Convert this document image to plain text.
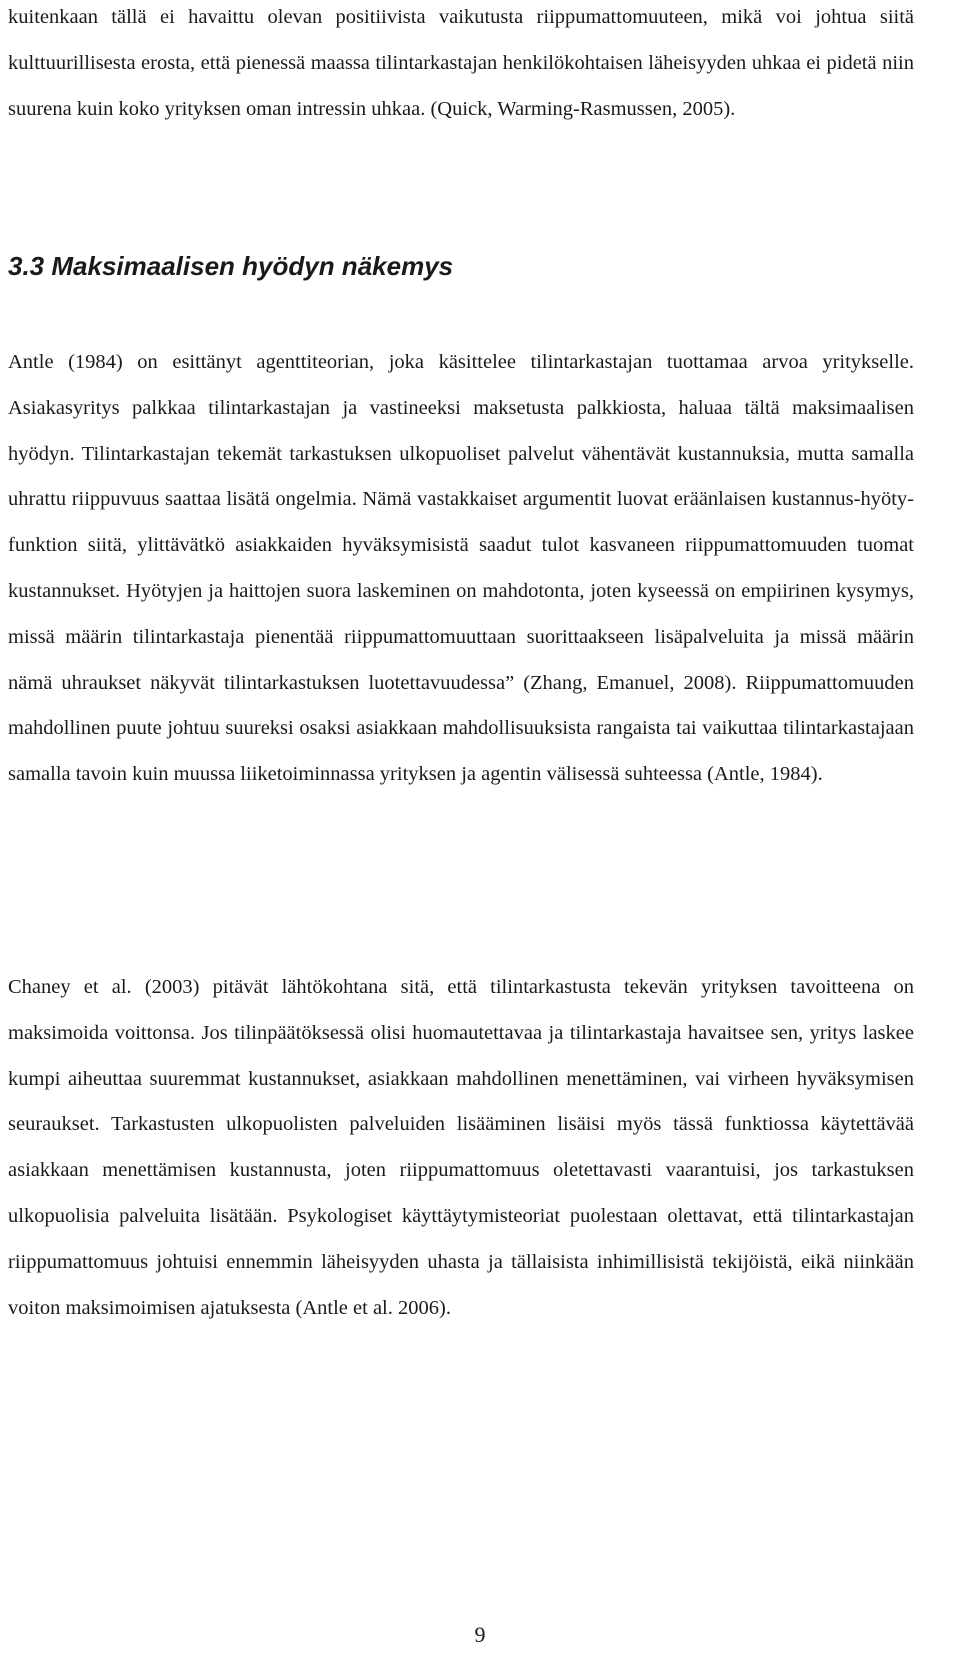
kuitenkaan tällä ei havaittu olevan positiivista vaikutusta riippumattomuuteen, mikä voi johtua siitä kulttuurillisesta erosta, että pienessä maassa tilintarkastajan henkilökohtaisen läheisyyden uhkaa ei pidetä niin suurena kuin koko yrityksen oman intressin uhkaa. (Quick, Warming-Rasmussen, 2005).

3.3 Maksimaalisen hyödyn näkemys

Antle (1984) on esittänyt agenttiteorian, joka käsittelee tilintarkastajan tuottamaa arvoa yritykselle. Asiakasyritys palkkaa tilintarkastajan ja vastineeksi maksetusta palkkiosta, haluaa tältä maksimaalisen hyödyn. Tilintarkastajan tekemät tarkastuksen ulkopuoliset palvelut vähentävät kustannuksia, mutta samalla uhrattu riippuvuus saattaa lisätä ongelmia. Nämä vastakkaiset argumentit luovat eräänlaisen kustannus-hyöty-funktion siitä, ylittävätkö asiakkaiden hyväksymisistä saadut tulot kasvaneen riippumattomuuden tuomat kustannukset. Hyötyjen ja haittojen suora laskeminen on mahdotonta, joten kyseessä on empiirinen kysymys, missä määrin tilintarkastaja pienentää riippumattomuuttaan suorittaakseen lisäpalveluita ja missä määrin nämä uhraukset näkyvät tilintarkastuksen luotettavuudessa” (Zhang, Emanuel, 2008). Riippumattomuuden mahdollinen puute johtuu suureksi osaksi asiakkaan mahdollisuuksista rangaista tai vaikuttaa tilintarkastajaan samalla tavoin kuin muussa liiketoiminnassa yrityksen ja agentin välisessä suhteessa (Antle, 1984).

Chaney et al. (2003) pitävät lähtökohtana sitä, että tilintarkastusta tekevän yrityksen tavoitteena on maksimoida voittonsa. Jos tilinpäätöksessä olisi huomautettavaa ja tilintarkastaja havaitsee sen, yritys laskee kumpi aiheuttaa suuremmat kustannukset, asiakkaan mahdollinen menettäminen, vai virheen hyväksymisen seuraukset. Tarkastusten ulkopuolisten palveluiden lisääminen lisäisi myös tässä funktiossa käytettävää asiakkaan menettämisen kustannusta, joten riippumattomuus oletettavasti vaarantuisi, jos tarkastuksen ulkopuolisia palveluita lisätään. Psykologiset käyttäytymisteoriat puolestaan olettavat, että tilintarkastajan riippumattomuus johtuisi ennemmin läheisyyden uhasta ja tällaisista inhimillisistä tekijöistä, eikä niinkään voiton maksimoimisen ajatuksesta (Antle et al. 2006).

9
